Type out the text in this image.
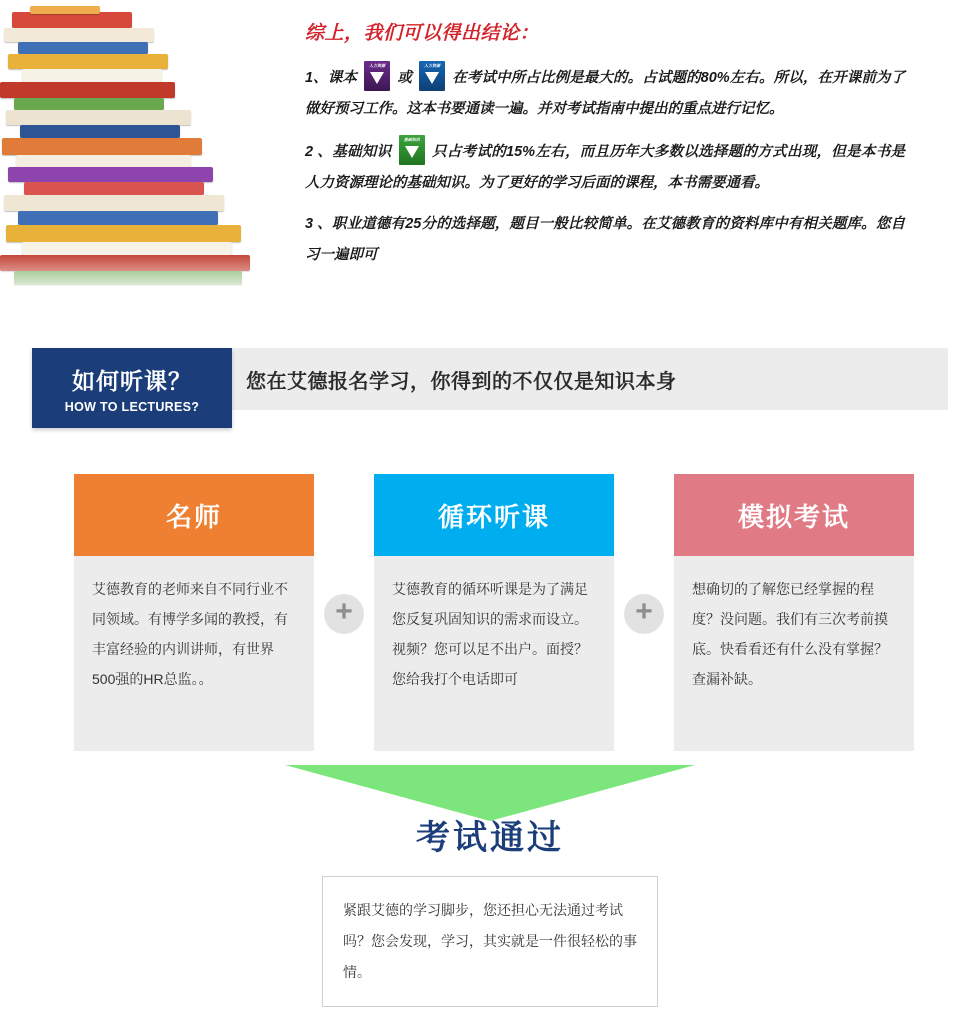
综上，我们可以得出结论：

1、课本
人力资源
或
人力资源
在考试中所占比例是最大的。占试题的80%左右。所以，在开课前为了做好预习工作。这本书要通读一遍。并对考试指南中提出的重点进行记忆。

2 、基础知识
基础知识
只占考试的15%左右，而且历年大多数以选择题的方式出现，但是本书是人力资源理论的基础知识。为了更好的学习后面的课程，本书需要通看。

3 、职业道德有25分的选择题，题目一般比较简单。在艾德教育的资料库中有相关题库。您自习一遍即可

您在艾德报名学习，你得到的不仅仅是知识本身
如何听课？
HOW TO LECTURES?
名师
艾德教育的老师来自不同行业不同领域。有博学多闻的教授，有丰富经验的内训讲师，有世界500强的HR总监。。
+
循环听课
艾德教育的循环听课是为了满足您反复巩固知识的需求而设立。视频？您可以足不出户。面授？您给我打个电话即可
+
模拟考试
想确切的了解您已经掌握的程度？没问题。我们有三次考前摸底。快看看还有什么没有掌握？查漏补缺。
考试通过
紧跟艾德的学习脚步，您还担心无法通过考试吗？您会发现，学习，其实就是一件很轻松的事情。
